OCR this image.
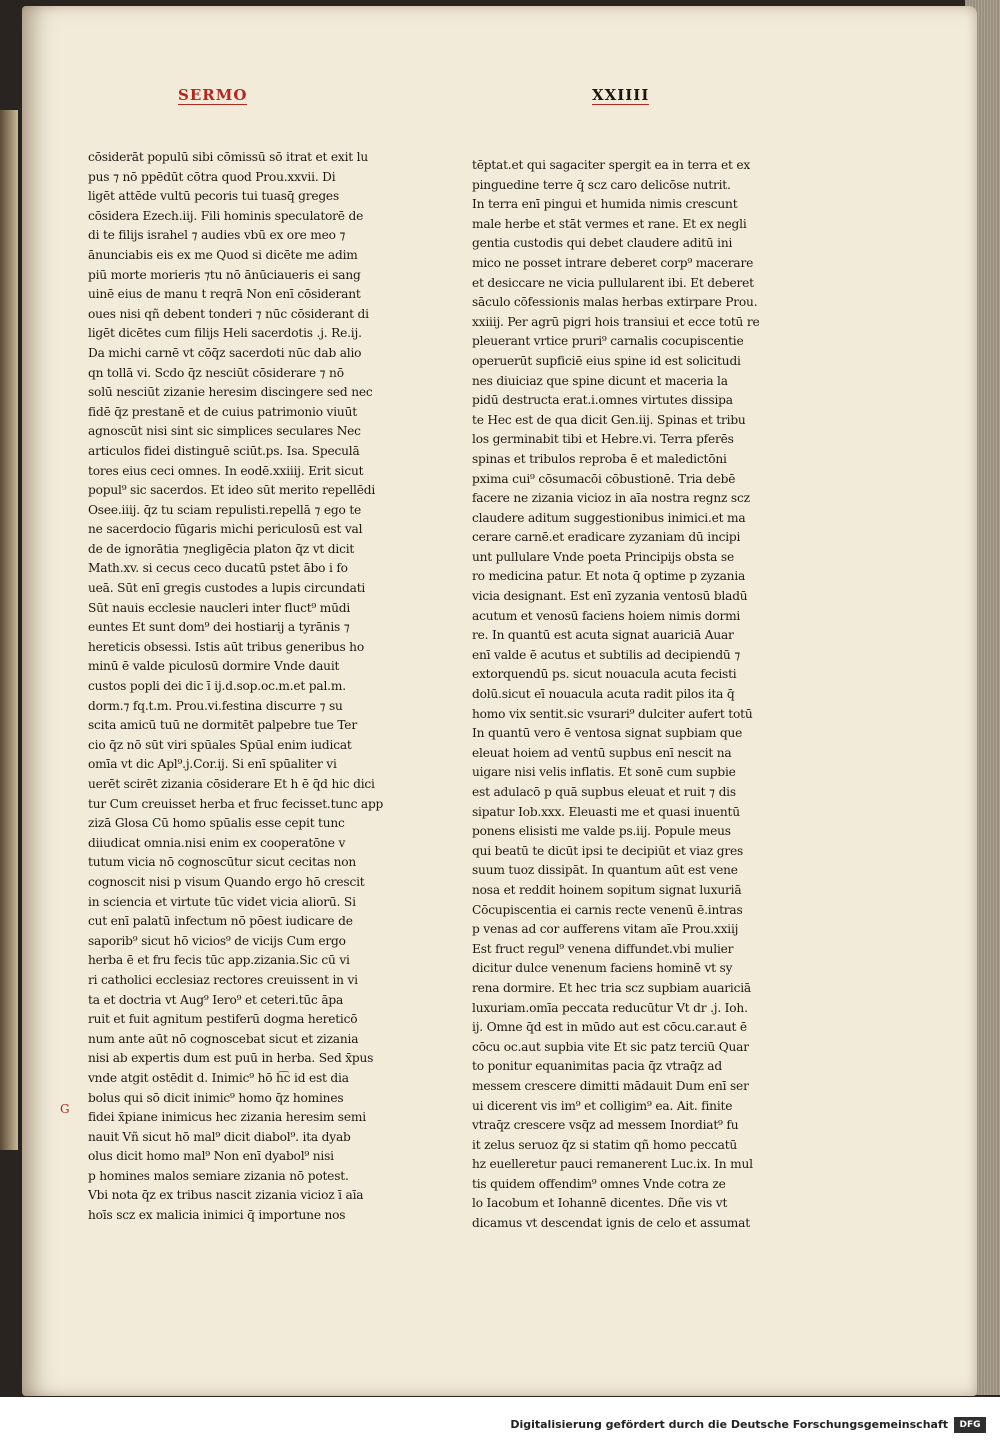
SERMO	XXIIII
cōsiderāt populū sibi cōmissū sō itrat et exit lu
pus ⁊ nō ppēdūt cōtra quod Prou.xxvii. Di
ligēt attēde vultū pecoris tui tuasq̄ greges
cōsidera Ezech.iij. Fili hominis speculatorē de
di te filijs israhel ⁊ audies vbū ex ore meo ⁊
ānunciabis eis ex me Quod si dicēte me adim
piū morte morieris ⁊tu nō ānūciaueris ei sang
uinē eius de manu t reqrā Non enī cōsiderant
oues nisi qñ debent tonderi ⁊ nūc cōsiderant di
ligēt dicētes cum filijs Heli sacerdotis .j. Re.ij.
Da michi carnē vt cōq̄z sacerdoti nūc dab alio
qn tollā vi. Scdo q̄z nesciūt cōsiderare ⁊ nō
solū nesciūt zizanie heresim discingere sed nec
fidē q̄z prestanē et de cuius patrimonio viuūt
agnoscūt nisi sint sic simplices seculares Nec
articulos fidei distinguē sciūt.ps. Isa. Speculā
tores eius ceci omnes. In eodē.xxiiij. Erit sicut
popul⁹ sic sacerdos. Et ideo sūt merito repellēdi
Osee.iiij. q̄z tu sciam repulisti.repellā ⁊ ego te
ne sacerdocio fūgaris michi periculosū est val
de de ignorātia ⁊negligēcia platon q̄z vt dicit
Math.xv. si cecus ceco ducatū pstet ābo i fo
ueā. Sūt enī gregis custodes a lupis circundati
Sūt nauis ecclesie naucleri inter fluct⁹ mūdi
euntes Et sunt dom⁹ dei hostiarij a tyrānis ⁊
hereticis obsessi. Istis aūt tribus generibus ho
minū ē valde piculosū dormire Vnde dauit
custos popli dei dic ī ij.d.sop.oc.m.et pal.m.
dorm.⁊ fq.t.m. Prou.vi.festina discurre ⁊ su
scita amicū tuū ne dormitēt palpebre tue Ter
cio q̄z nō sūt viri spūales Spūal enim iudicat
omīa vt dic Apl⁹.j.Cor.ij. Si enī spūaliter vi
uerēt scirēt zizania cōsiderare Et h ē q̄d hic dici
tur Cum creuisset herba et fruc fecisset.tunc app
zizā Glosa Cū homo spūalis esse cepit tunc
diiudicat omnia.nisi enim ex cooperatōne v
tutum vicia nō cognoscūtur sicut cecitas non
cognoscit nisi p visum Quando ergo hō crescit
in sciencia et virtute tūc videt vicia aliorū. Si
cut enī palatū infectum nō pōest iudicare de
saporib⁹ sicut hō vicios⁹ de vicijs Cum ergo
herba ē et fru fecis tūc app.zizania.Sic cū vi
ri catholici ecclesiaz rectores creuissent in vi
ta et doctria vt Aug⁹ Iero⁹ et ceteri.tūc āpa
ruit et fuit agnitum pestiferū dogma hereticō
num ante aūt nō cognoscebat sicut et zizania
nisi ab expertis dum est puū in herba. Sed x̄pus
vnde atgit ostēdit d. Inimic⁹ hō h͡c id est dia
bolus qui sō dicit inimic⁹ homo q̄z homines
fidei x̄piane inimicus hec zizania heresim semi
nauit Vñ sicut hō mal⁹ dicit diabol⁹. ita dyab
olus dicit homo mal⁹ Non enī dyabol⁹ nisi
p homines malos semiare zizania nō potest.
Vbi nota q̄z ex tribus nascit zizania vicioz ī aīa
hoīs scz ex malicia inimici q̄ importune nos
tēptat.et qui sagaciter spergit ea in terra et ex
pinguedine terre q̄ scz caro delicōse nutrit.
In terra enī pingui et humida nimis crescunt
male herbe et stāt vermes et rane. Et ex negli
gentia custodis qui debet claudere aditū ini
mico ne posset intrare deberet corp⁹ macerare
et desiccare ne vicia pullularent ibi. Et deberet
sāculo cōfessionis malas herbas extirpare Prou.
xxiiij. Per agrū pigri hois transiui et ecce totū re
pleuerant vrtice pruri⁹ carnalis cocupiscentie
operuerūt supficiē eius spine id est solicitudi
nes diuiciaz que spine dicunt et maceria la
pidū destructa erat.i.omnes virtutes dissipa
te Hec est de qua dicit Gen.iij. Spinas et tribu
los germinabit tibi et Hebre.vi. Terra pferēs
spinas et tribulos reproba ē et maledictōni
pxima cui⁹ cōsumacōi cōbustionē. Tria debē
facere ne zizania vicioz in aīa nostra regnz scz
claudere aditum suggestionibus inimici.et ma
cerare carnē.et eradicare zyzaniam dū incipi
unt pullulare Vnde poeta Principijs obsta se
ro medicina patur. Et nota q̄ optime p zyzania
vicia designant. Est enī zyzania ventosū bladū
acutum et venosū faciens hoiem nimis dormi
re. In quantū est acuta signat auariciā Auar
enī valde ē acutus et subtilis ad decipiendū ⁊
extorquendū ps. sicut nouacula acuta fecisti
dolū.sicut eī nouacula acuta radit pilos ita q̄
homo vix sentit.sic vsurari⁹ dulciter aufert totū
In quantū vero ē ventosa signat supbiam que
eleuat hoiem ad ventū supbus enī nescit na
uigare nisi velis inflatis. Et sonē cum supbie
est adulacō p quā supbus eleuat et ruit ⁊ dis
sipatur Iob.xxx. Eleuasti me et quasi inuentū
ponens elisisti me valde ps.iij. Popule meus
qui beatū te dicūt ipsi te decipiūt et viaz gres
suum tuoz dissipāt. In quantum aūt est vene
nosa et reddit hoinem sopitum signat luxuriā
Cōcupiscentia ei carnis recte venenū ē.intras
p venas ad cor aufferens vitam aīe Prou.xxiij
Est fruct regul⁹ venena diffundet.vbi mulier
dicitur dulce venenum faciens hominē vt sy
rena dormire. Et hec tria scz supbiam auariciā
luxuriam.omīa peccata reducūtur Vt dr .j. Ioh.
ij. Omne q̄d est in mūdo aut est cōcu.car.aut ē
cōcu oc.aut supbia vite Et sic patz terciū Quar
to ponitur equanimitas pacia q̄z vtraq̄z ad
messem crescere dimitti mādauit Dum enī ser
ui dicerent vis im⁹ et colligim⁹ ea. Ait. finite
vtraq̄z crescere vsq̄z ad messem Inordiat⁹ fu
it zelus seruoz q̄z si statim qñ homo peccatū
hz euelleretur pauci remanerent Luc.ix. In mul
tis quidem offendim⁹ omnes Vnde cotra ze
lo Iacobum et Iohannē dicentes. Dñe vis vt
dicamus vt descendat ignis de celo et assumat
G
Digitalisierung gefördert durch die Deutsche Forschungsgemeinschaft	DFG
